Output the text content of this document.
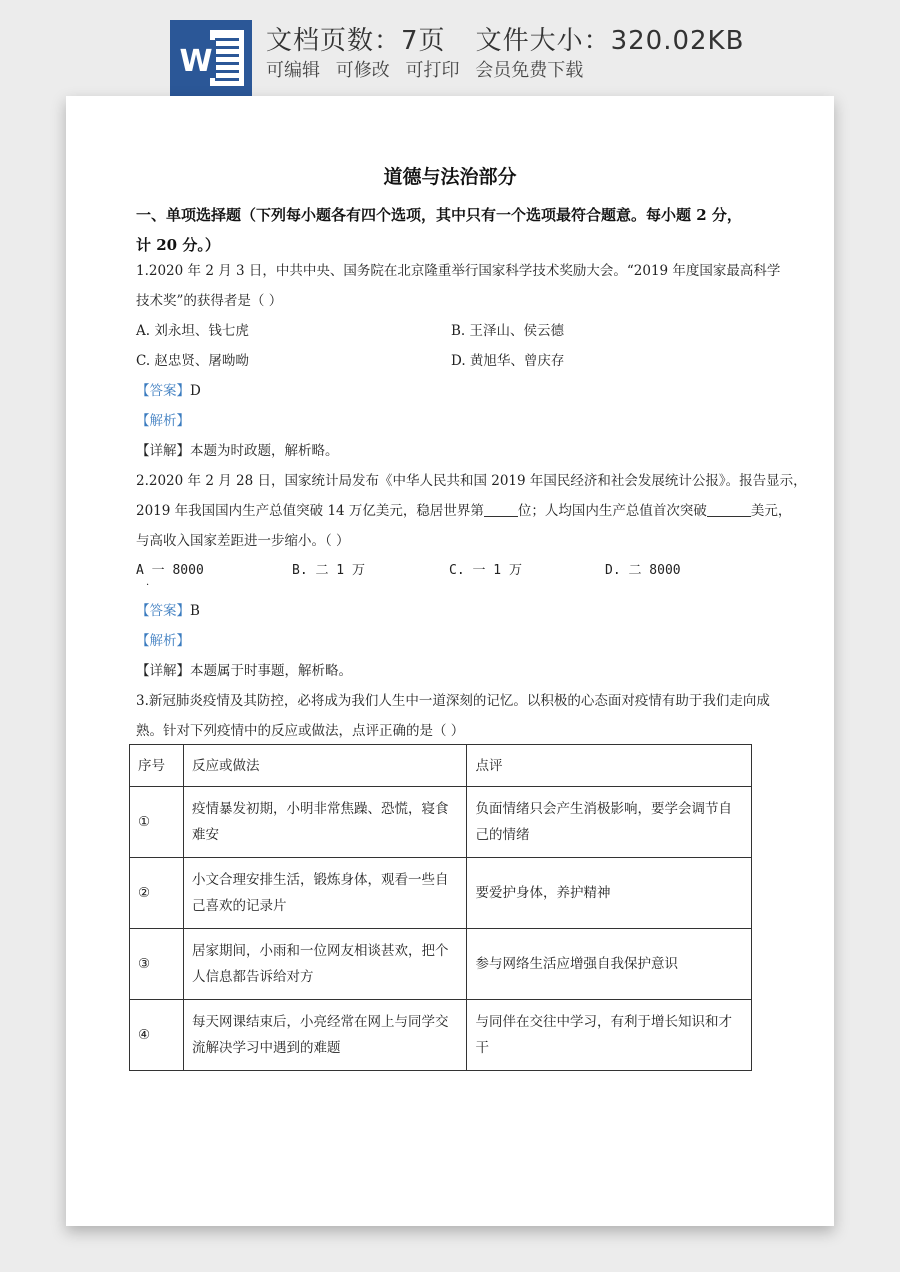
W
文档页数：7页 文件大小：320.02KB
可编辑 可修改 可打印 会员免费下载
道德与法治部分
一、单项选择题（下列每小题各有四个选项，其中只有一个选项最符合题意。每小题 2 分，
计 20 分。）
1.2020 年 2 月 3 日，中共中央、国务院在北京隆重举行国家科学技术奖励大会。“2019 年度国家最高科学
技术奖”的获得者是（ ）
A. 刘永坦、钱七虎	B. 王泽山、侯云德
C. 赵忠贤、屠呦呦	D. 黄旭华、曾庆存
【答案】D
【解析】
【详解】本题为时政题，解析略。
2.2020 年 2 月 28 日，国家统计局发布《中华人民共和国 2019 年国民经济和社会发展统计公报》。报告显示，
2019 年我国国内生产总值突破 14 万亿美元，稳居世界第	位；人均国内生产总值首次突破	美元，
与高收入国家差距进一步缩小。（ ）
A 一 8000	B. 二 1 万	C. 一 1 万	D. 二 8000
·
【答案】B
【解析】
【详解】本题属于时事题，解析略。
3.新冠肺炎疫情及其防控，必将成为我们人生中一道深刻的记忆。以积极的心态面对疫情有助于我们走向成
熟。针对下列疫情中的反应或做法，点评正确的是（ ）
序号	反应或做法	点评
①	疫情暴发初期，小明非常焦躁、恐慌，寝食难安	负面情绪只会产生消极影响，要学会调节自己的情绪
②	小文合理安排生活，锻炼身体，观看一些自己喜欢的记录片	要爱护身体，养护精神
③	居家期间，小雨和一位网友相谈甚欢，把个人信息都告诉给对方	参与网络生活应增强自我保护意识
④	每天网课结束后，小亮经常在网上与同学交流解决学习中遇到的难题	与同伴在交往中学习，有利于增长知识和才干
